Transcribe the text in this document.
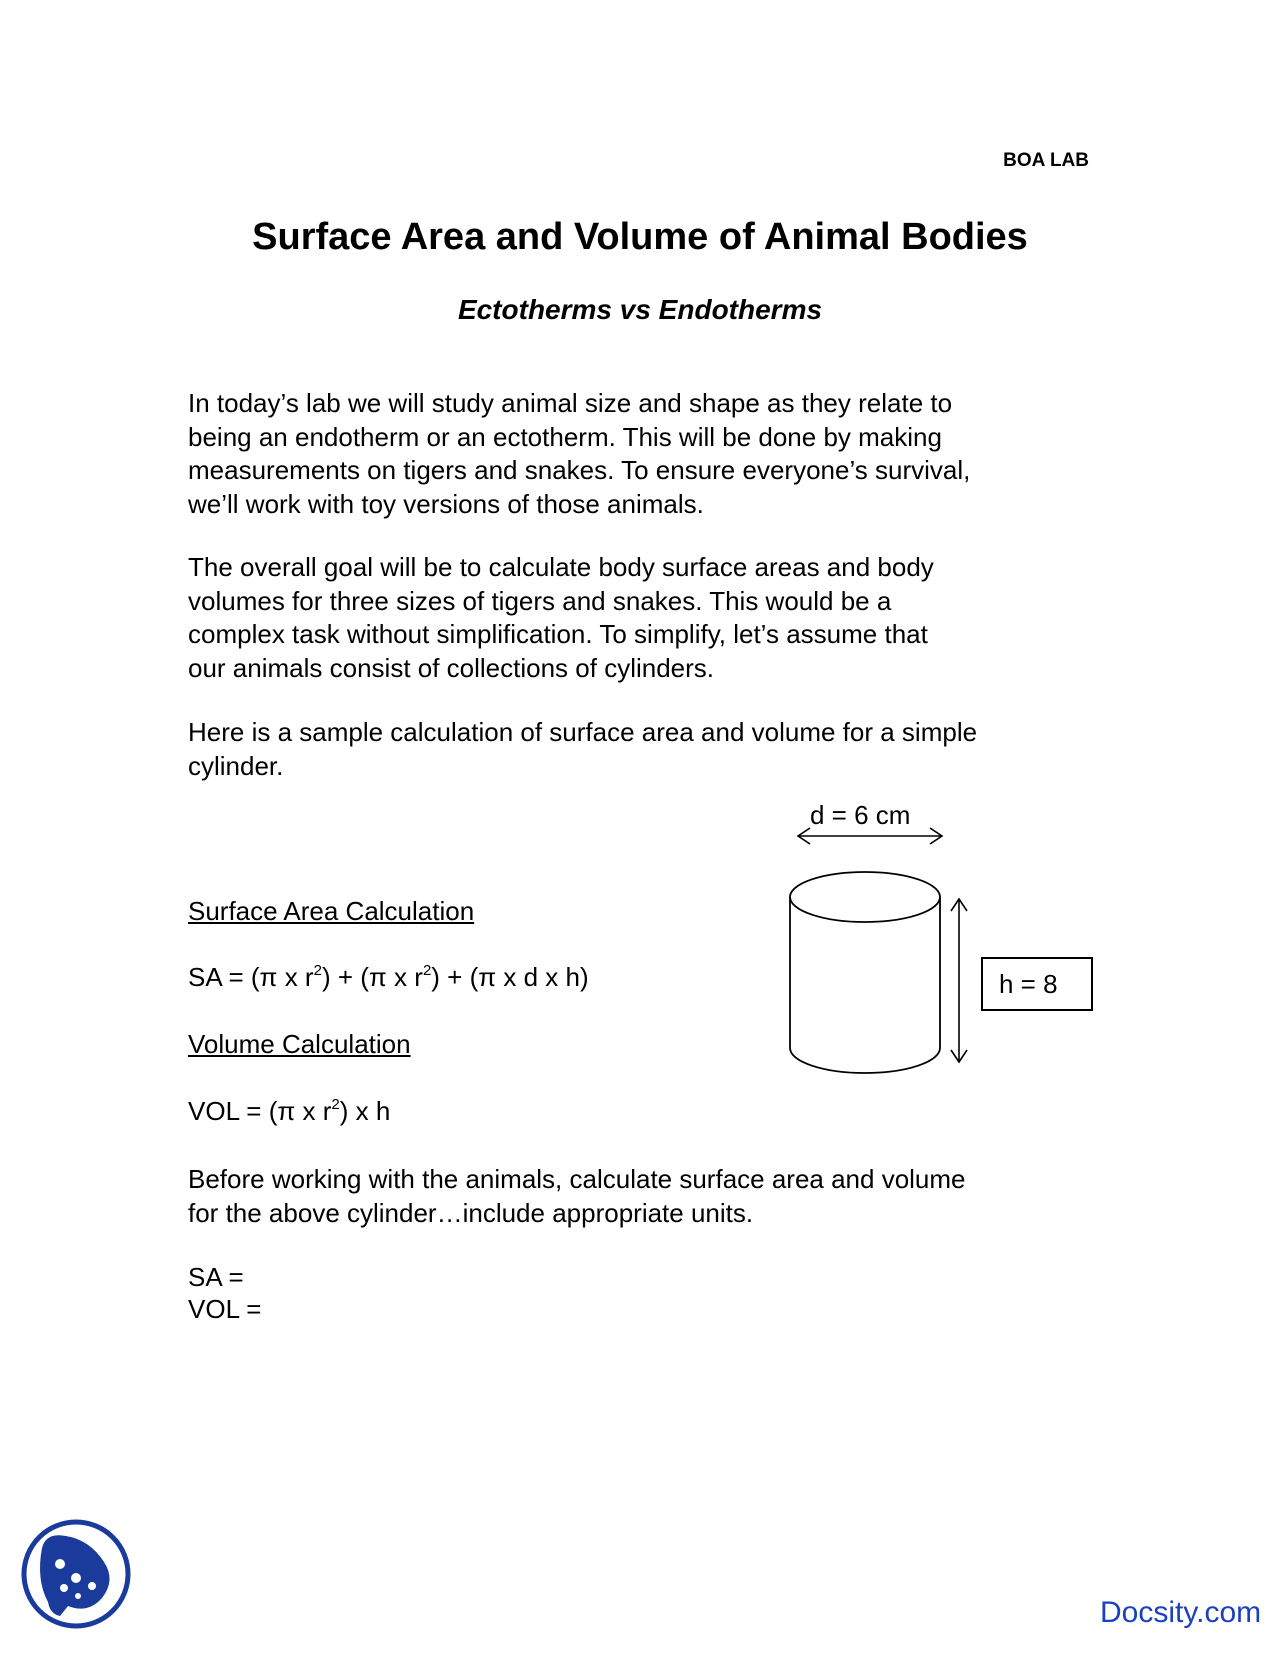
BOA LAB
Surface Area and Volume of Animal Bodies
Ectotherms vs Endotherms

In today’s lab we will study animal size and shape as they relate to
being an endotherm or an ectotherm. This will be done by making
measurements on tigers and snakes. To ensure everyone’s survival,
we’ll work with toy versions of those animals.

The overall goal will be to calculate body surface areas and body
volumes for three sizes of tigers and snakes. This would be a
complex task without simplification. To simplify, let’s assume that
our animals consist of collections of cylinders.

Here is a sample calculation of surface area and volume for a simple
cylinder.

d = 6 cm
h = 8
Surface Area Calculation
SA = (π x $r^2) + (\pi$ x $r^2) + (\pi$ x d x h)
Volume Calculation
VOL = (π x $r^2$) x h

Before working with the animals, calculate surface area and volume
for the above cylinder…include appropriate units.

SA =
VOL =
Docsity.com
